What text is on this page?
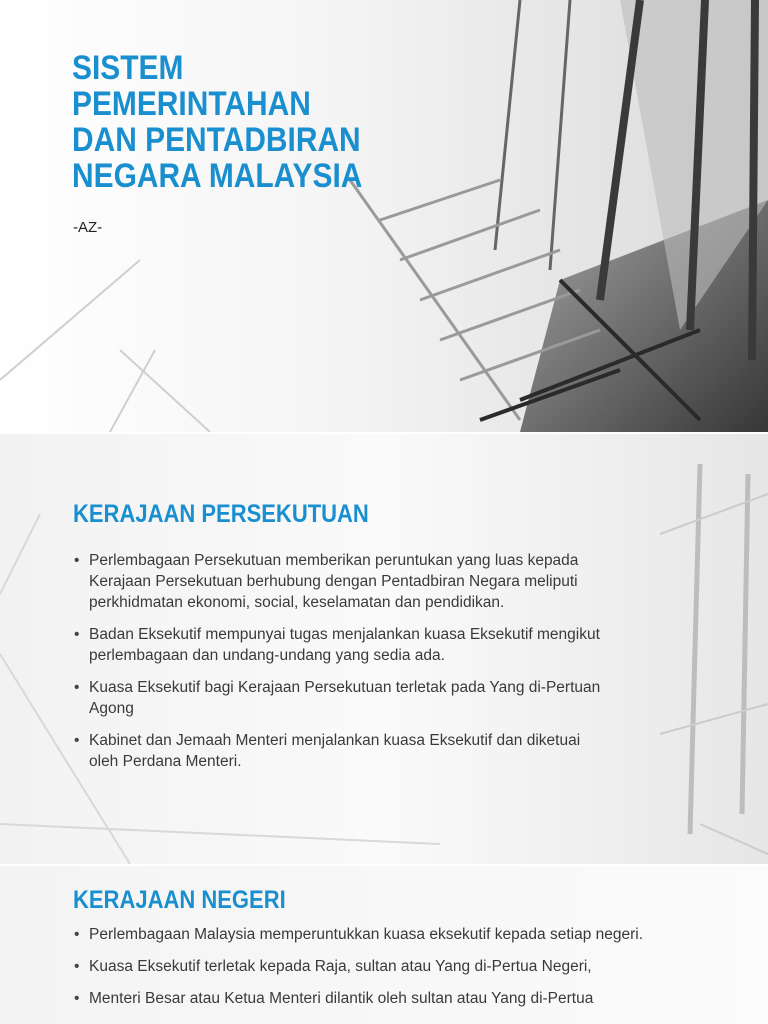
SISTEM
PEMERINTAHAN
DAN PENTADBIRAN
NEGARA MALAYSIA

-AZ-

KERAJAAN PERSEKUTUAN
• Perlembagaan Persekutuan memberikan peruntukan yang luas kepada Kerajaan Persekutuan berhubung dengan Pentadbiran Negara meliputi perkhidmatan ekonomi, social, keselamatan dan pendidikan.
• Badan Eksekutif mempunyai tugas menjalankan kuasa Eksekutif mengikut perlembagaan dan undang-undang yang sedia ada.
• Kuasa Eksekutif bagi Kerajaan Persekutuan terletak pada Yang di-Pertuan Agong
• Kabinet dan Jemaah Menteri menjalankan kuasa Eksekutif dan diketuai oleh Perdana Menteri.
KERAJAAN NEGERI
• Perlembagaan Malaysia memperuntukkan kuasa eksekutif kepada setiap negeri.
• Kuasa Eksekutif terletak kepada Raja, sultan atau Yang di-Pertua Negeri,
• Menteri Besar atau Ketua Menteri dilantik oleh sultan atau Yang di-Pertua
